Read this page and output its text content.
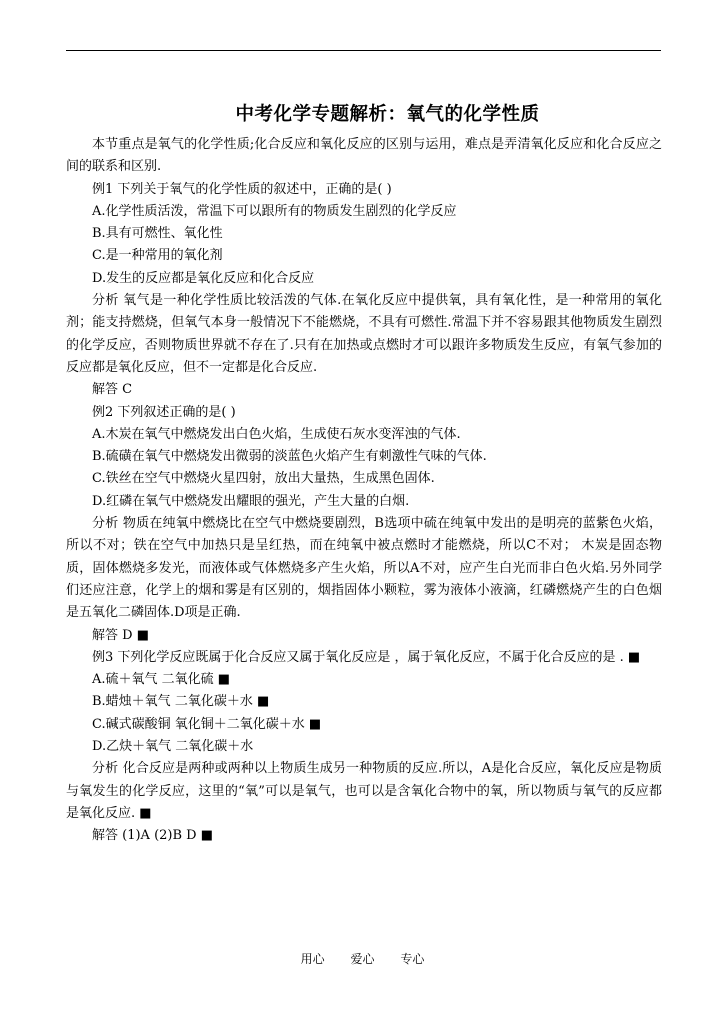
中考化学专题解析：氧气的化学性质

本节重点是氧气的化学性质;化合反应和氧化反应的区别与运用，难点是弄清氧化反应和化合反应之间的联系和区别.

例1 下列关于氧气的化学性质的叙述中，正确的是( )

A.化学性质活泼，常温下可以跟所有的物质发生剧烈的化学反应

B.具有可燃性、氧化性

C.是一种常用的氧化剂

D.发生的反应都是氧化反应和化合反应

分析 氧气是一种化学性质比较活泼的气体.在氧化反应中提供氧，具有氧化性，是一种常用的氧化剂；能支持燃烧，但氧气本身一般情况下不能燃烧，不具有可燃性.常温下并不容易跟其他物质发生剧烈的化学反应，否则物质世界就不存在了.只有在加热或点燃时才可以跟许多物质发生反应，有氧气参加的反应都是氧化反应，但不一定都是化合反应.

解答 C

例2 下列叙述正确的是( )

A.木炭在氧气中燃烧发出白色火焰，生成使石灰水变浑浊的气体.

B.硫磺在氧气中燃烧发出微弱的淡蓝色火焰产生有刺激性气味的气体.

C.铁丝在空气中燃烧火星四射，放出大量热，生成黑色固体.

D.红磷在氧气中燃烧发出耀眼的强光，产生大量的白烟.

分析 物质在纯氧中燃烧比在空气中燃烧要剧烈，B选项中硫在纯氧中发出的是明亮的蓝紫色火焰，所以不对；铁在空气中加热只是呈红热，而在纯氧中被点燃时才能燃烧，所以C不对； 木炭是固态物质，固体燃烧多发光，而液体或气体燃烧多产生火焰，所以A不对，应产生白光而非白色火焰.另外同学们还应注意，化学上的烟和雾是有区别的，烟指固体小颗粒，雾为液体小液滴，红磷燃烧产生的白色烟是五氧化二磷固体.D项是正确.

解答 D ■

例3 下列化学反应既属于化合反应又属于氧化反应是 ，属于氧化反应，不属于化合反应的是 . ■

A.硫＋氧气 二氧化硫 ■

B.蜡烛＋氧气 二氧化碳＋水 ■

C.碱式碳酸铜 氧化铜＋二氧化碳＋水 ■

D.乙炔＋氧气 二氧化碳＋水

分析 化合反应是两种或两种以上物质生成另一种物质的反应.所以，A是化合反应，氧化反应是物质与氧发生的化学反应，这里的“氧”可以是氧气，也可以是含氧化合物中的氧，所以物质与氧气的反应都是氧化反应. ■

解答 (1)A (2)B D ■

用心 爱心 专心
